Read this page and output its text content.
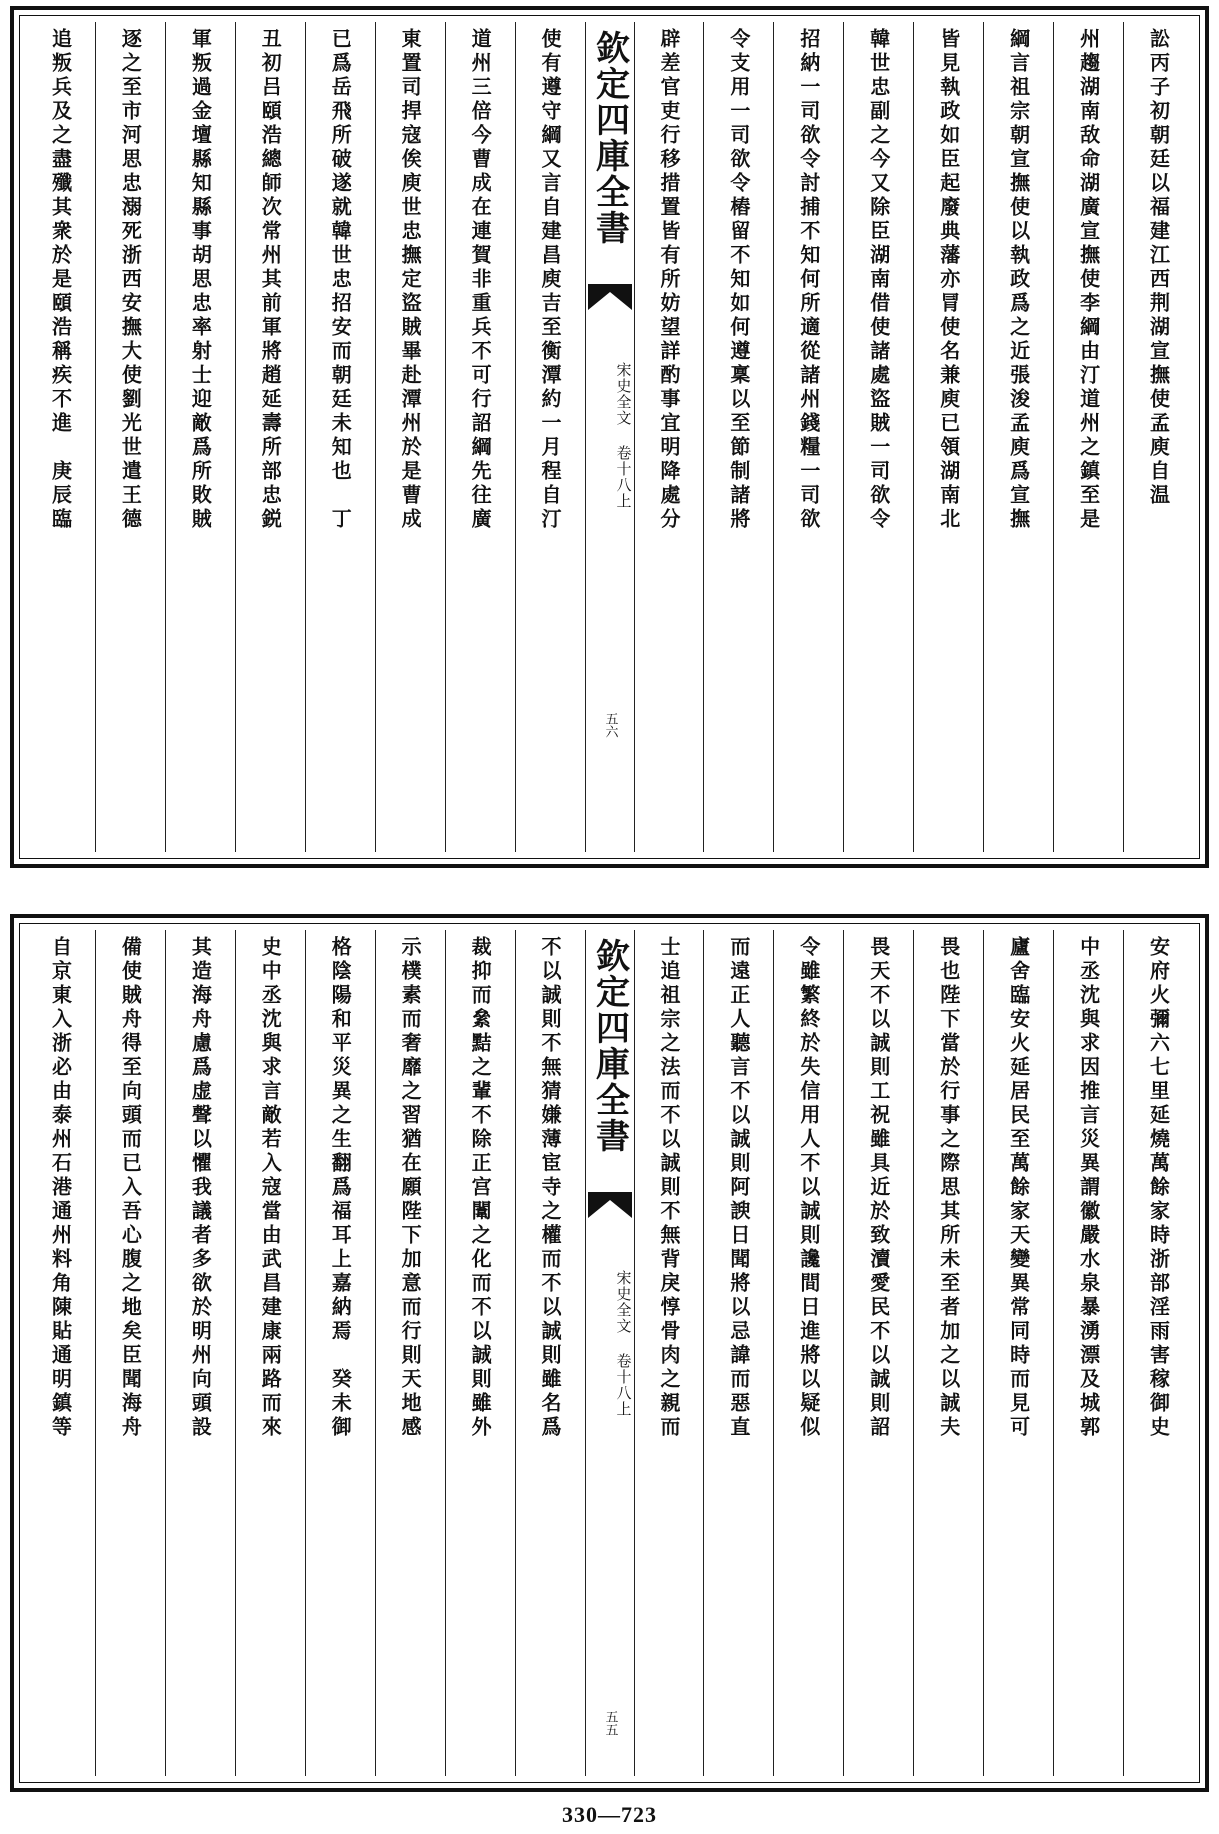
訟丙子初朝廷以福建江西荆湖宣撫使孟庾自温
州趨湖南敌命湖廣宣撫使李綱由汀道州之鎮至是
綱言祖宗朝宣撫使以執政爲之近張浚孟庾爲宣撫
皆見執政如臣起廢典藩亦冐使名兼庾已領湖南北
韓世忠副之今又除臣湖南借使諸處盜賊一司欲令
招納一司欲令討捕不知何所適從諸州錢糧一司欲
令支用一司欲令樁留不知如何遵稟以至節制諸將
辟差官吏行移措置皆有所妨望詳酌事宜明降處分
欽定四庫全書
宋史全文 卷十八上
五六
使有遵守綱又言自建昌庾吉至衡潭約一月程自汀
道州三倍今曹成在連賀非重兵不可行詔綱先往廣
東置司捍寇俟庾世忠撫定盜賊畢赴潭州於是曹成
已爲岳飛所破遂就韓世忠招安而朝廷未知也　丁
丑初吕頤浩總師次常州其前軍將趙延壽所部忠鋭
軍叛過金壇縣知縣事胡思忠率射士迎敵爲所敗賊
逐之至市河思忠溺死浙西安撫大使劉光世遣王德
追叛兵及之盡殲其衆於是頤浩稱疾不進　庚辰臨
安府火彌六七里延燒萬餘家時浙部淫雨害稼御史
中丞沈與求因推言災異謂徽嚴水泉暴湧漂及城郭
廬舍臨安火延居民至萬餘家天變異常同時而見可
畏也陛下當於行事之際思其所未至者加之以誠夫
畏天不以誠則工祝雖具近於致瀆愛民不以誠則詔
令雖繁終於失信用人不以誠則讒間日進將以疑似
而遠正人聽言不以誠則阿諛日聞將以忌諱而惡直
士追祖宗之法而不以誠則不無背戾惇骨肉之親而
欽定四庫全書
宋史全文 卷十八上
五五
不以誠則不無猜嫌薄宦寺之權而不以誠則雖名爲
裁抑而絫黠之輩不除正宫闈之化而不以誠則雖外
示樸素而奢靡之習猶在願陛下加意而行則天地感
格陰陽和平災異之生翻爲福耳上嘉納焉　癸未御
史中丞沈與求言敵若入寇當由武昌建康兩路而來
其造海舟慮爲虚聲以懼我議者多欲於明州向頭設
備使賊舟得至向頭而已入吾心腹之地矣臣聞海舟
自京東入浙必由泰州石港通州料角陳貼通明鎮等
330—723
